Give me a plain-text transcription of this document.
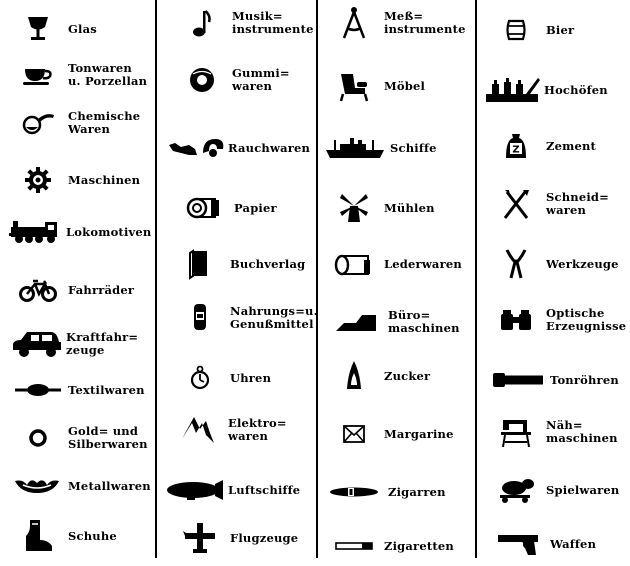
Glas
Tonwaren
u. Porzellan
Chemische
Waren
Maschinen
Lokomotiven
Fahrräder
Kraftfahr=
zeuge
Textilwaren
Gold= und
Silberwaren
Metallwaren
Schuhe
Musik=
instrumente
Gummi=
waren
Rauchwaren
Papier
Buchverlag
Nahrungs=u.
Genußmittel
Uhren
Elektro=
waren
Luftschiffe
Flugzeuge
Meß=
instrumente
Möbel
Schiffe
Mühlen
Lederwaren
Büro=
maschinen
Zucker
Margarine
Zigarren
Zigaretten
Bier
Hochöfen
Z Zement
Schneid=
waren
Werkzeuge
Optische
Erzeugnisse
Tonröhren
Näh=
maschinen
Spielwaren
Waffen
